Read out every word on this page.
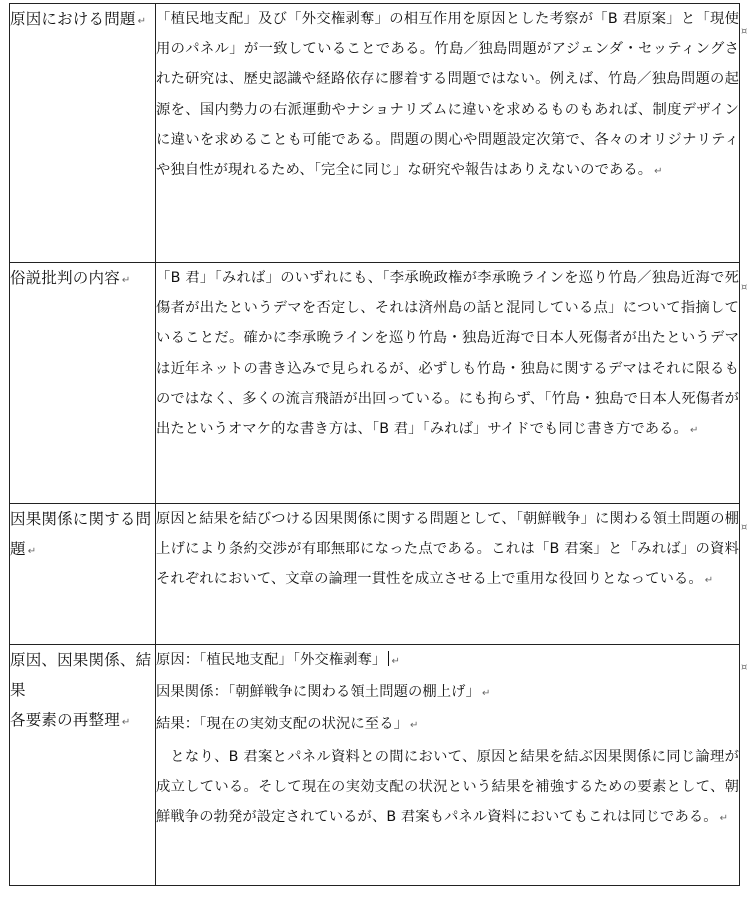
原因における問題 ↵	「植民地支配」及び「外交権剥奪」の相互作用を原因とした考察が「B 君原案」と「現使用のパネル」が一致していることである。竹島／独島問題がアジェンダ・セッティングされた研究は、歴史認識や経路依存に膠着する問題ではない。例えば、竹島／独島問題の起源を、国内勢力の右派運動やナショナリズムに違いを求めるものもあれば、制度デザインに違いを求めることも可能である。問題の関心や問題設定次第で、各々のオリジナリティや独自性が現れるため、「完全に同じ」な研究や報告はありえないのである。 ↵
俗説批判の内容 ↵	「B 君」「みれば」のいずれにも、「李承晩政権が李承晩ラインを巡り竹島／独島近海で死傷者が出たというデマを否定し、それは済州島の話と混同している点」について指摘していることだ。確かに李承晩ラインを巡り竹島・独島近海で日本人死傷者が出たというデマは近年ネットの書き込みで見られるが、必ずしも竹島・独島に関するデマはそれに限るものではなく、多くの流言飛語が出回っている。にも拘らず、「竹島・独島で日本人死傷者が出たというオマケ的な書き方は、「B 君」「みれば」サイドでも同じ書き方である。 ↵
因果関係に関する問題 ↵	原因と結果を結びつける因果関係に関する問題として、「朝鮮戦争」に関わる領土問題の棚上げにより条約交渉が有耶無耶になった点である。これは「B 君案」と「みれば」の資料それぞれにおいて、文章の論理一貫性を成立させる上で重用な役回りとなっている。 ↵

原因、因果関係、結果
各要素の再整理 ↵	原因：「植民地支配」「外交権剥奪」 ↵
因果関係：「朝鮮戦争に関わる領土問題の棚上げ」 ↵
結果：「現在の実効支配の状況に至る」 ↵
となり、B 君案とパネル資料との間において、原因と結果を結ぶ因果関係に同じ論理が成立している。そして現在の実効支配の状況という結果を補強するための要素として、朝鮮戦争の勃発が設定されているが、B 君案もパネル資料においてもこれは同じである。 ↵
¤
¤
¤
¤
